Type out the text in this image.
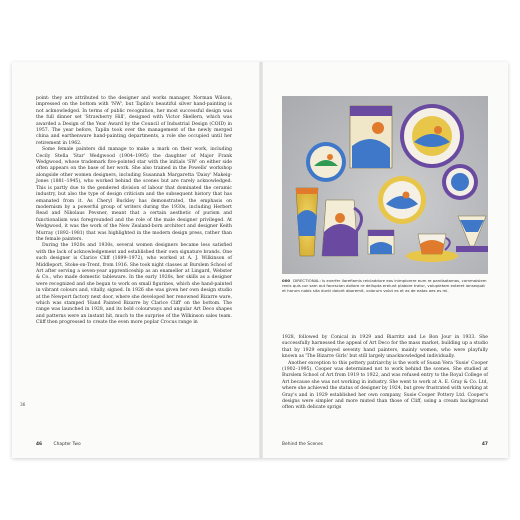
point: they are attributed to the designer and works manager, Norman Wilson, impressed on the bottom with 'NW', but Taplin's beautiful silver hand-painting is not acknowledged. In terms of public recognition, her most successful design was the full dinner set 'Strawberry Hill', designed with Victor Skellern, which was awarded a Design of the Year Award by the Council of Industrial Design (COID) in 1957. The year before, Taplin took over the management of the newly merged china and earthenware hand-painting departments, a role she occupied until her retirement in 1962.

Some female painters did manage to make a mark on their work, including Cecily Stella 'Star' Wedgwood (1904–1995) the daughter of Major Frank Wedgwood, whose trademark five-pointed star with the initials 'SW' on either side often appears on the base of her work. She also trained in the Powells' workshop alongside other women designers, including Susannah Margaretta 'Daisy' Makeig-Jones (1881–1945), who worked behind the scenes but are rarely acknowledged. This is partly due to the gendered division of labour that dominated the ceramic industry, but also the type of design criticism and the subsequent history that has emanated from it. As Cheryl Buckley has demonstrated, the emphasis on modernism by a powerful group of writers during the 1930s, including Herbert Read and Nikolaus Pevsner, meant that a certain aesthetic of purism and functionalism was foregrounded and the role of the male designer privileged. At Wedgwood, it was the work of the New Zealand-born architect and designer Keith Murray (1892–1981) that was highlighted in the modern design press, rather than the female painters.

During the 1920s and 1930s, several women designers became less satisfied with the lack of acknowledgement and established their own signature brands. One such designer is Clarice Cliff (1899–1972), who worked at A. J. Wilkinson of Middleport, Stoke-on-Trent, from 1916. She took night classes at Burslem School of Art after serving a seven-year apprenticeship as an enameller at Lingard, Webster & Co., who made domestic tableware. In the early 1920s, her skills as a designer were recognized and she began to work on small figurines, which she hand-painted in vibrant colours and, vitally, signed. In 1926 she was given her own design studio at the Newport factory next door, where she developed her renowned Bizarre ware, which was stamped 'Hand Painted Bizarre by Clarice Cliff' on the bottom. The range was launched in 1928, and its bold colourways and angular Art Deco shapes and patterns were an instant hit, much to the surprise of the Wilkinson sales team. Cliff then progressed to create the even more poplar Crocus range in

36
46	Chapter Two
000 DIRECTIONAL: Is everfer llarefiamis reicladdure eos inimpiorere eum re pardisatamas, commaisiem renis quis cor sam aut facescian dollore re dellupta ereiunt plabore tratur, volupietam exteret ionsequat et harum nobis sita dunti dolorit aboremit, volorum volut es et as de eatas aes es mi.

1928, followed by Conical in 1929 and Biarritz and Le Bon Jour in 1933. She successfully harnessed the appeal of Art Deco for the mass market, building up a studio that by 1929 employed seventy hand painters, mainly women, who were playfully known as 'The Bizarre Girls' but still largely unacknowledged individually.

Another exception to this pottery patriarchy is the work of Susan Vera 'Susie' Cooper (1902–1995). Cooper was determined not to work behind the scenes. She studied at Burslem School of Art from 1919 to 1922, and was refused entry to the Royal College of Art because she was not working in industry. She went to work at A. E. Gray & Co. Ltd, where she achieved the status of designer by 1924, but grew frustrated with working at Gray's and in 1929 established her own company, Susie Cooper Pottery Ltd. Cooper's designs were simpler and more muted than those of Cliff, using a cream background often with delicate sprigs

Behind the Scenes	47
